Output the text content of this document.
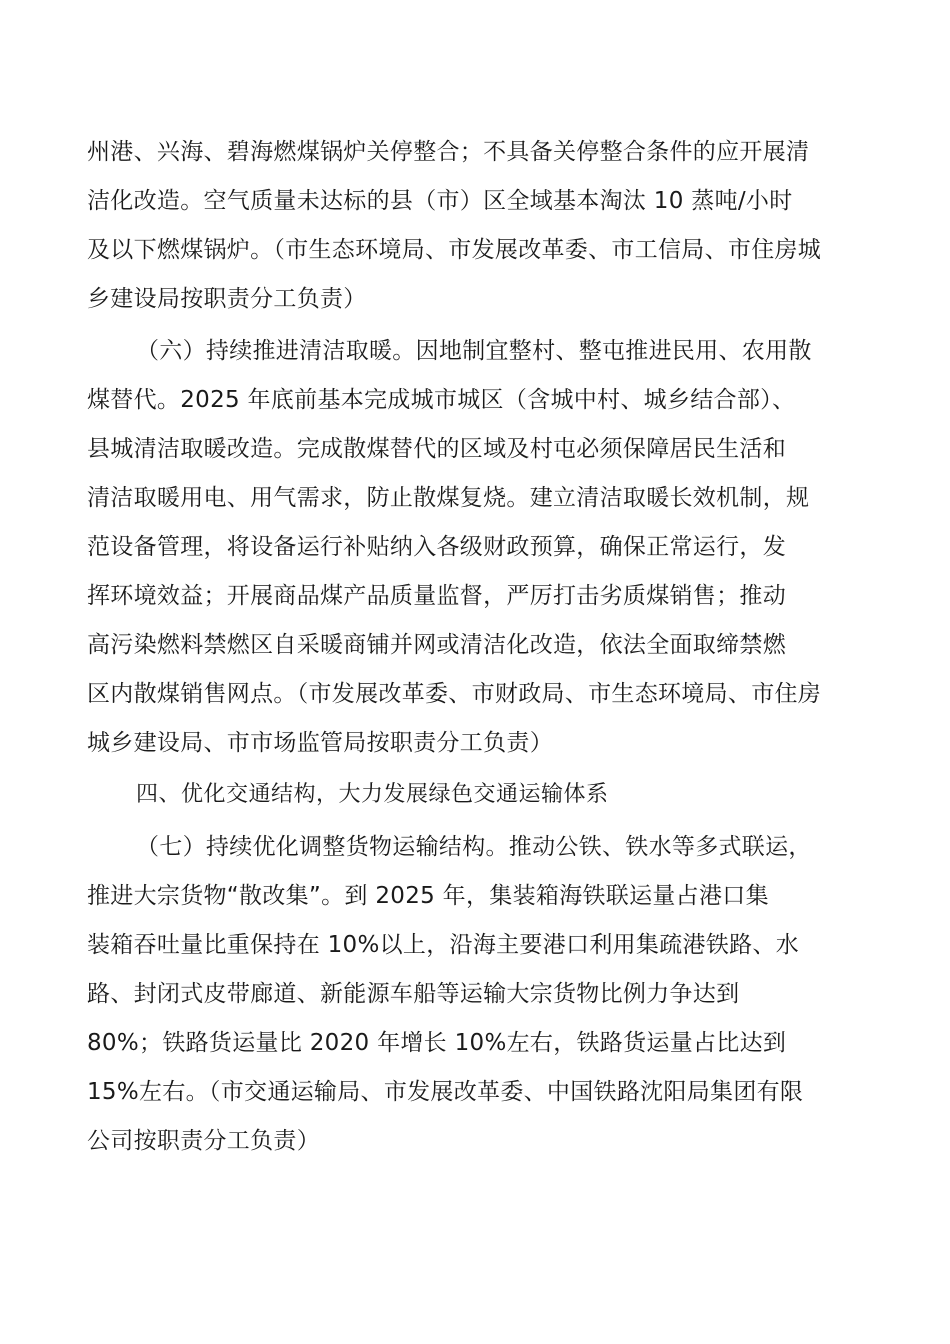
州港、兴海、碧海燃煤锅炉关停整合；不具备关停整合条件的应开展清
洁化改造。空气质量未达标的县（市）区全域基本淘汰 10 蒸吨/小时
及以下燃煤锅炉。（市生态环境局、市发展改革委、市工信局、市住房城
乡建设局按职责分工负责）
（六）持续推进清洁取暖。因地制宜整村、整屯推进民用、农用散
煤替代。2025 年底前基本完成城市城区（含城中村、城乡结合部）、
县城清洁取暖改造。完成散煤替代的区域及村屯必须保障居民生活和
清洁取暖用电、用气需求，防止散煤复烧。建立清洁取暖长效机制，规
范设备管理，将设备运行补贴纳入各级财政预算，确保正常运行，发
挥环境效益；开展商品煤产品质量监督，严厉打击劣质煤销售；推动
高污染燃料禁燃区自采暖商铺并网或清洁化改造，依法全面取缔禁燃
区内散煤销售网点。（市发展改革委、市财政局、市生态环境局、市住房
城乡建设局、市市场监管局按职责分工负责）
四、优化交通结构，大力发展绿色交通运输体系
（七）持续优化调整货物运输结构。推动公铁、铁水等多式联运，
推进大宗货物“散改集”。到 2025 年，集装箱海铁联运量占港口集
装箱吞吐量比重保持在 10%以上，沿海主要港口利用集疏港铁路、水
路、封闭式皮带廊道、新能源车船等运输大宗货物比例力争达到
80%；铁路货运量比 2020 年增长 10%左右，铁路货运量占比达到
15%左右。（市交通运输局、市发展改革委、中国铁路沈阳局集团有限
公司按职责分工负责）
